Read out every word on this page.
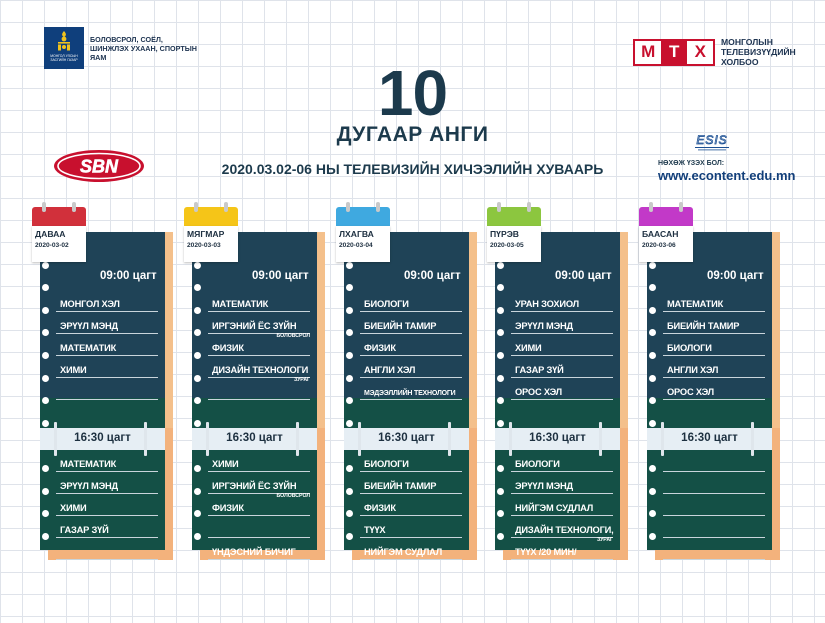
МОНГОЛ УЛСЫН ЗАСГИЙН ГАЗАР
БОЛОВСРОЛ, СОЁЛ, ШИНЖЛЭХ УХААН, СПОРТЫН ЯАМ	М Т Х	МОНГОЛЫН ТЕЛЕВИЗҮҮДИЙН ХОЛБОО
10
ДУГААР АНГИ
2020.03.02-06 НЫ ТЕЛЕВИЗИЙН ХИЧЭЭЛИЙН ХУВААРЬ
SBN
ESIS
НӨХӨЖ ҮЗЭХ БОЛ:
www.econtent.edu.mn
09:00 цагт
МОНГОЛ ХЭЛ
ЭРҮҮЛ МЭНД
МАТЕМАТИК
ХИМИ
16:30 цагт
МАТЕМАТИК
ЭРҮҮЛ МЭНД
ХИМИ
ГАЗАР ЗҮЙ
ДАВАА
2020-03-02
09:00 цагт
МАТЕМАТИК
ИРГЭНИЙ ЁС ЗҮЙН
БОЛОВСРОЛ
ФИЗИК
ДИЗАЙН ТЕХНОЛОГИ
ЗУРАГ
16:30 цагт
ХИМИ
ИРГЭНИЙ ЁС ЗҮЙН
БОЛОВСРОЛ
ФИЗИК
ҮНДЭСНИЙ БИЧИГ
МЯГМАР
2020-03-03
09:00 цагт
БИОЛОГИ
БИЕИЙН ТАМИР
ФИЗИК
АНГЛИ ХЭЛ
МЭДЭЭЛЛИЙН ТЕХНОЛОГИ
16:30 цагт
БИОЛОГИ
БИЕИЙН ТАМИР
ФИЗИК
ТҮҮХ
НИЙГЭМ СУДЛАЛ
ЛХАГВА
2020-03-04
09:00 цагт
УРАН ЗОХИОЛ
ЭРҮҮЛ МЭНД
ХИМИ
ГАЗАР ЗҮЙ
ОРОС ХЭЛ
16:30 цагт
БИОЛОГИ
ЭРҮҮЛ МЭНД
НИЙГЭМ СУДЛАЛ
ДИЗАЙН ТЕХНОЛОГИ,
ЗУРАГ
ТҮҮХ /20 МИН/
ПҮРЭВ
2020-03-05
09:00 цагт
МАТЕМАТИК
БИЕИЙН ТАМИР
БИОЛОГИ
АНГЛИ ХЭЛ
ОРОС ХЭЛ
16:30 цагт
БААСАН
2020-03-06
